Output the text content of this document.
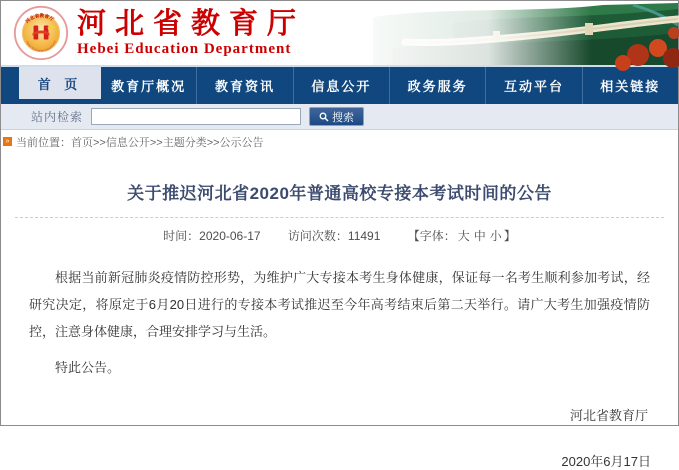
河北省教育厅
Hebei Education Department
河北省教育厅
Hebei Education Department
首 页	教育厅概况	教育资讯	信息公开	政务服务	互动平台	相关链接
站内检索	搜索
» 当前位置： 首页>>信息公开>>主题分类>>公示公告
关于推迟河北省2020年普通高校专接本考试时间的公告
时间：2020-06-17 访问次数：11491 【字体： 大 中 小 】

根据当前新冠肺炎疫情防控形势，为维护广大专接本考生身体健康，保证每一名考生顺利参加考试，经研究决定，将原定于6月20日进行的专接本考试推迟至今年高考结束后第二天举行。请广大考生加强疫情防控，注意身体健康，合理安排学习与生活。

特此公告。

河北省教育厅
2020年6月17日
